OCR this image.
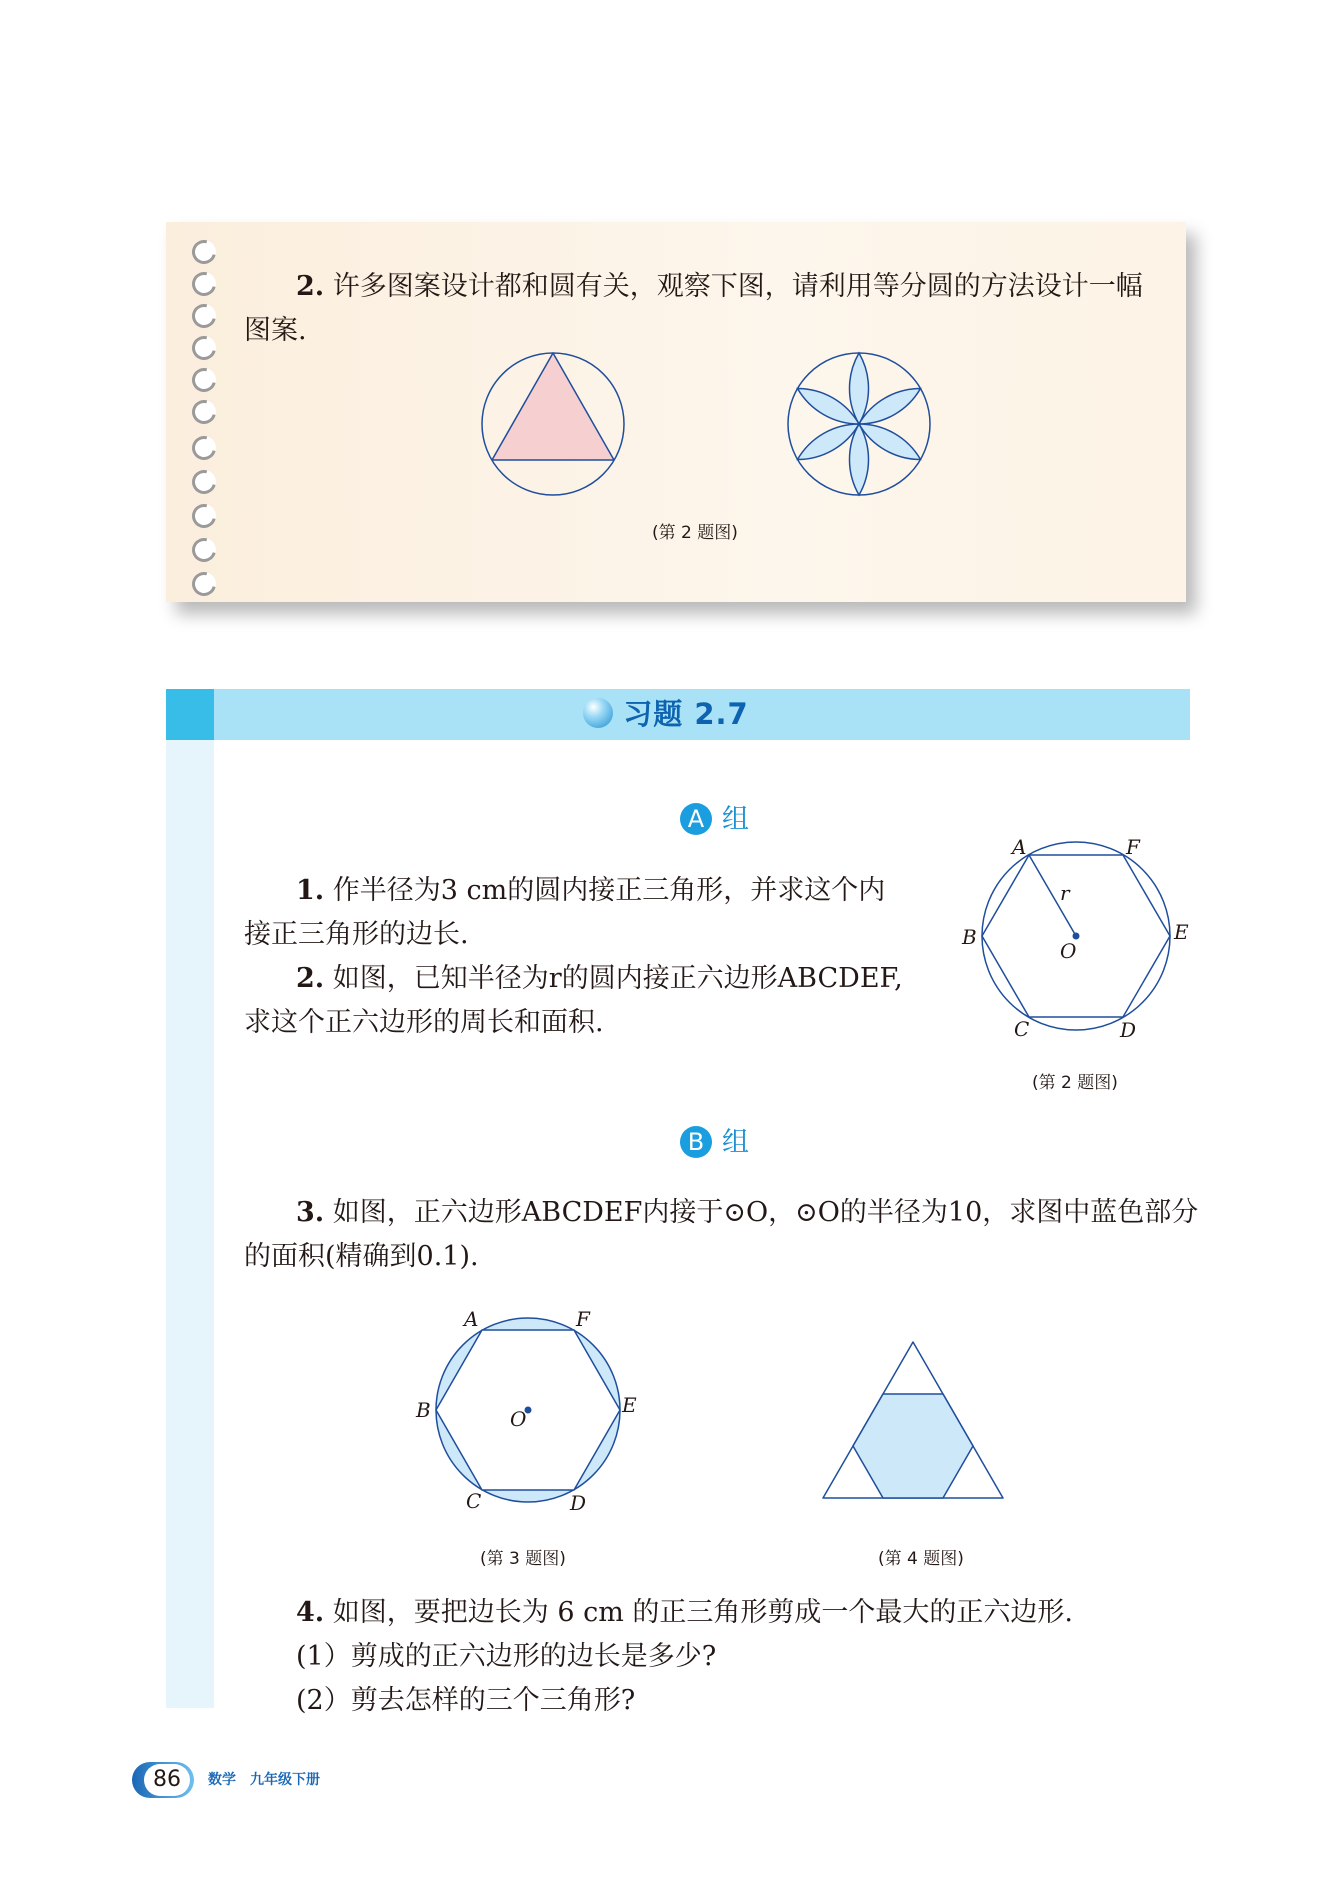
2. 许多图案设计都和圆有关，观察下图，请利用等分圆的方法设计一幅
图案.
(第 2 题图)
习题 2.7
A 组
1. 作半径为3 cm的圆内接正三角形，并求这个内
接正三角形的边长.
2. 如图，已知半径为r的圆内接正六边形ABCDEF,
求这个正六边形的周长和面积.
A	F
B	E
C	D
O
r
(第 2 题图)
B 组
3. 如图，正六边形ABCDEF内接于⊙O，⊙O的半径为10，求图中蓝色部分
的面积(精确到0.1).
A	F
B	E
C	D
O
(第 3 题图)	(第 4 题图)
4. 如图，要把边长为 6 cm 的正三角形剪成一个最大的正六边形.
(1）剪成的正六边形的边长是多少?
(2）剪去怎样的三个三角形?
86	数学　九年级下册
